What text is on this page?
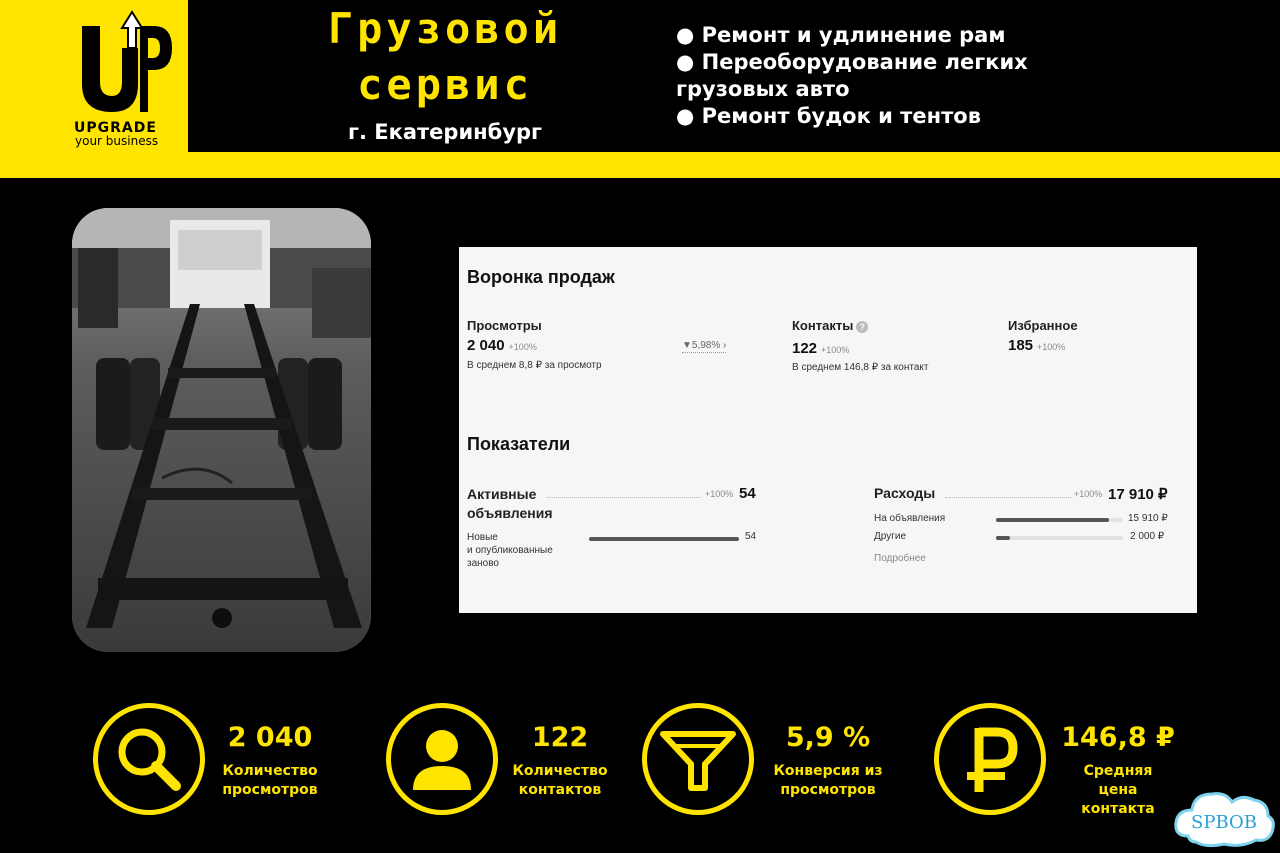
UPGRADE
your business
Грузовой
сервис
г. Екатеринбург
● Ремонт и удлинение рам
● Переоборудование легких
грузовых авто
● Ремонт будок и тентов
Воронка продаж
Просмотры
2 040 +100%
В среднем 8,8 ₽ за просмотр
▼5,98% ›
Контакты ?
122 +100%
В среднем 146,8 ₽ за контакт
Избранное
185 +100%
Показатели
Активные
объявления
+100% 54
Новые
и опубликованные
заново
54
Расходы	+100% 17 910 ₽
На объявления	15 910 ₽
Другие	2 000 ₽
Подробнее
2 040
Количество
просмотров
122
Количество
контактов
5,9 %
Конверсия из
просмотров
146,8 ₽
Средняя
цена
контакта
SPBOB
